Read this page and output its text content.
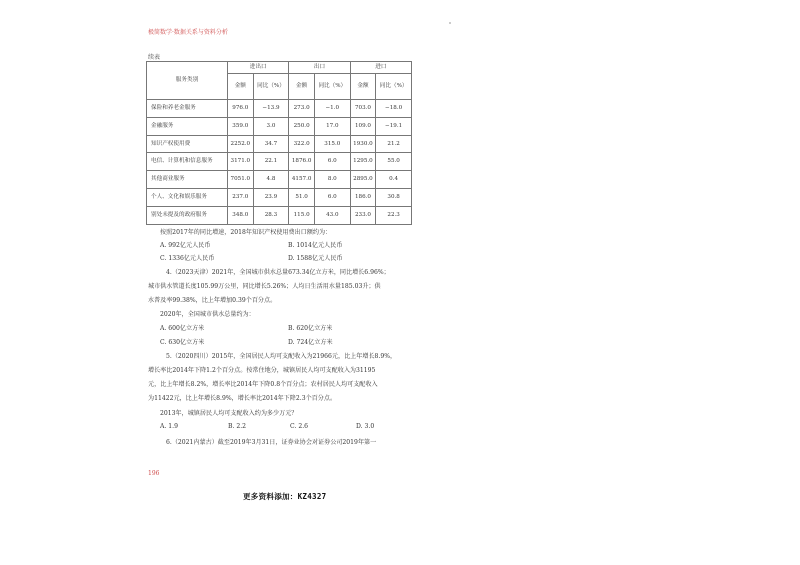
极简数学·数据关系与资料分析
续表
服务类别	进出口		出口		进口	
	金额	同比（%）	金额	同比（%）	金额	同比（%）
保险和养老金服务	976.0	−13.9	273.0	−1.0	703.0	−18.0
金融服务	359.0	3.0	250.0	17.0	109.0	−19.1
知识产权使用费	2252.0	34.7	322.0	315.0	1930.0	21.2
电信、计算机和信息服务	3171.0	22.1	1876.0	6.0	1295.0	55.0
其他商业服务	7051.0	4.8	4157.0	8.0	2895.0	0.4
个人、文化和娱乐服务	237.0	23.9	51.0	6.0	186.0	30.8
别处未提及的政府服务	348.0	28.3	115.0	43.0	233.0	22.3
按照2017年的同比增速，2018年知识产权使用费出口额约为：
A. 992亿元人民币	B. 1014亿元人民币
C. 1336亿元人民币	D. 1588亿元人民币
4.（2023天津）2021年，全国城市供水总量673.34亿立方米，同比增长6.96%；
城市供水管道长度105.99万公里，同比增长5.26%；人均日生活用水量185.03升；供
水普及率99.38%，比上年增加0.39个百分点。
2020年，全国城市供水总量约为：
A. 600亿立方米	B. 620亿立方米
C. 630亿立方米	D. 724亿立方米
5.（2020四川）2015年，全国居民人均可支配收入为21966元，比上年增长8.9%，
增长率比2014年下降1.2个百分点。按常住地分，城镇居民人均可支配收入为31195
元，比上年增长8.2%，增长率比2014年下降0.8个百分点；农村居民人均可支配收入
为11422元，比上年增长8.9%，增长率比2014年下降2.3个百分点。
2013年，城镇居民人均可支配收入约为多少万元？
A. 1.9	B. 2.2	C. 2.6	D. 3.0
6.（2021内蒙古）截至2019年3月31日，证券业协会对证券公司2019年第一
196
更多资料添加：KZ4327
